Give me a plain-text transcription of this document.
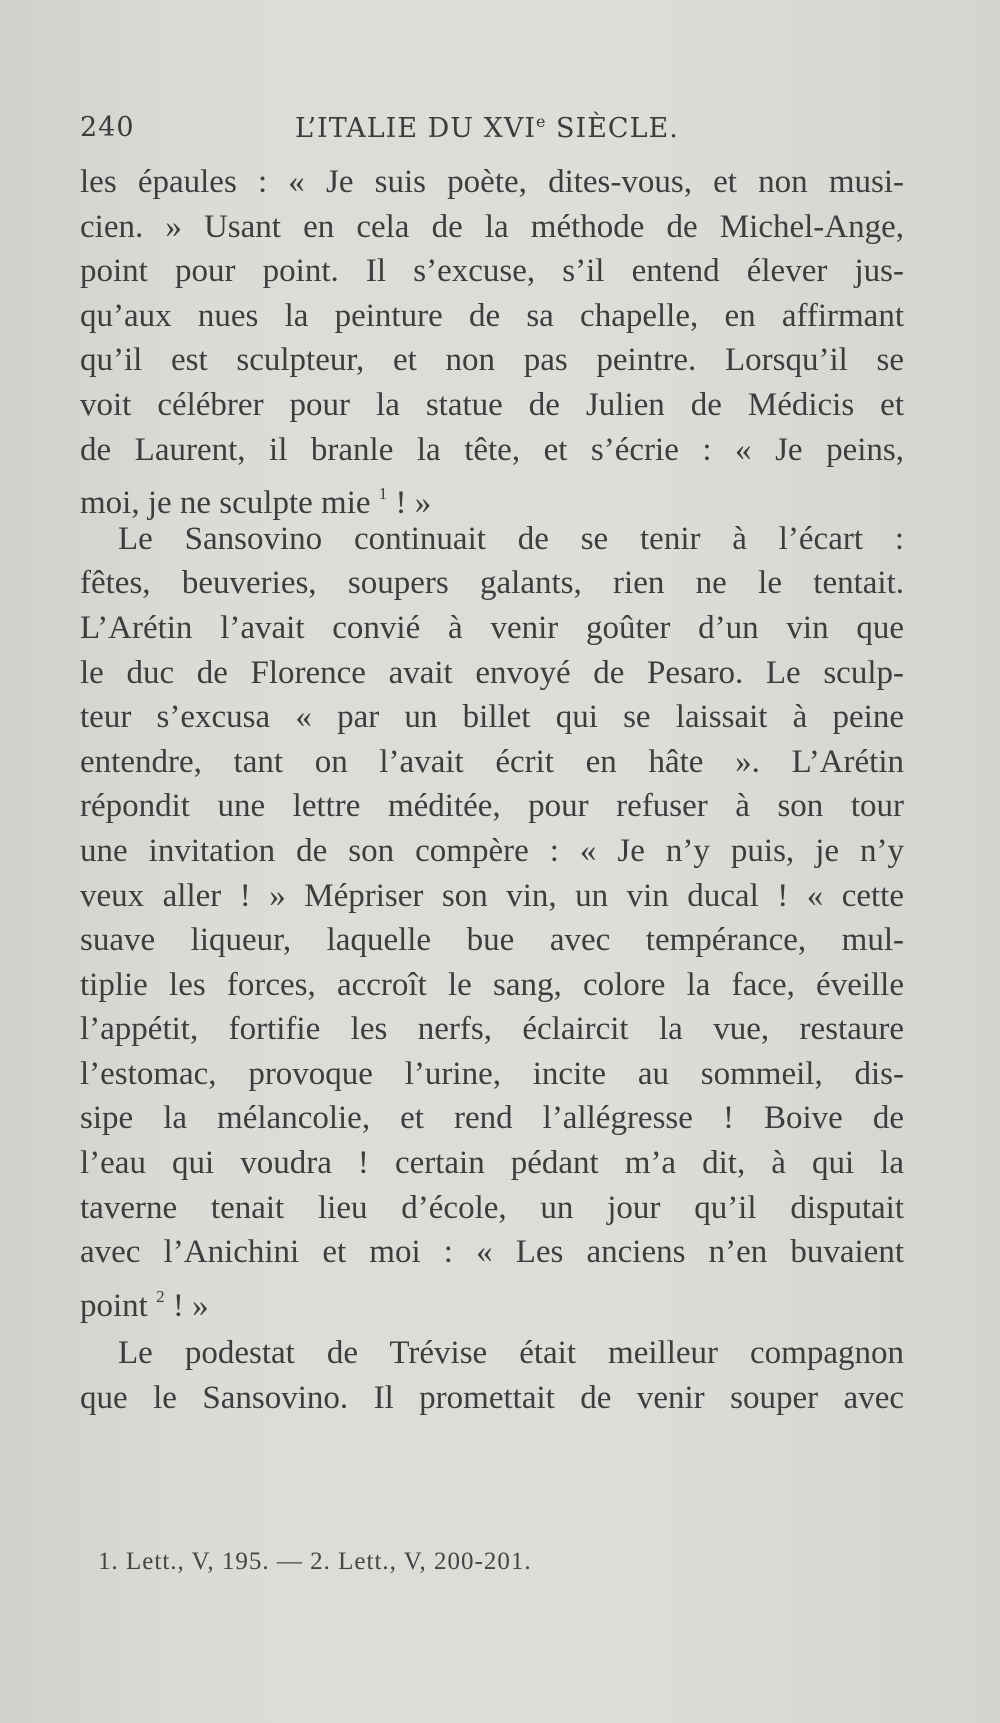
240	L’ITALIE DU XVIe SIÈCLE.
les épaules : « Je suis poète, dites-vous, et non musi-
cien. » Usant en cela de la méthode de Michel-Ange,
point pour point. Il s’excuse, s’il entend élever jus-
qu’aux nues la peinture de sa chapelle, en affirmant
qu’il est sculpteur, et non pas peintre. Lorsqu’il se
voit célébrer pour la statue de Julien de Médicis et
de Laurent, il branle la tête, et s’écrie : « Je peins,
moi, je ne sculpte mie $^1$ ! »
Le Sansovino continuait de se tenir à l’écart :
fêtes, beuveries, soupers galants, rien ne le tentait.
L’Arétin l’avait convié à venir goûter d’un vin que
le duc de Florence avait envoyé de Pesaro. Le sculp-
teur s’excusa « par un billet qui se laissait à peine
entendre, tant on l’avait écrit en hâte ». L’Arétin
répondit une lettre méditée, pour refuser à son tour
une invitation de son compère : « Je n’y puis, je n’y
veux aller ! » Mépriser son vin, un vin ducal ! « cette
suave liqueur, laquelle bue avec tempérance, mul-
tiplie les forces, accroît le sang, colore la face, éveille
l’appétit, fortifie les nerfs, éclaircit la vue, restaure
l’estomac, provoque l’urine, incite au sommeil, dis-
sipe la mélancolie, et rend l’allégresse ! Boive de
l’eau qui voudra ! certain pédant m’a dit, à qui la
taverne tenait lieu d’école, un jour qu’il disputait
avec l’Anichini et moi : « Les anciens n’en buvaient
point $^2$ ! »
Le podestat de Trévise était meilleur compagnon
que le Sansovino. Il promettait de venir souper avec
1. Lett., V, 195. — 2. Lett., V, 200-201.
